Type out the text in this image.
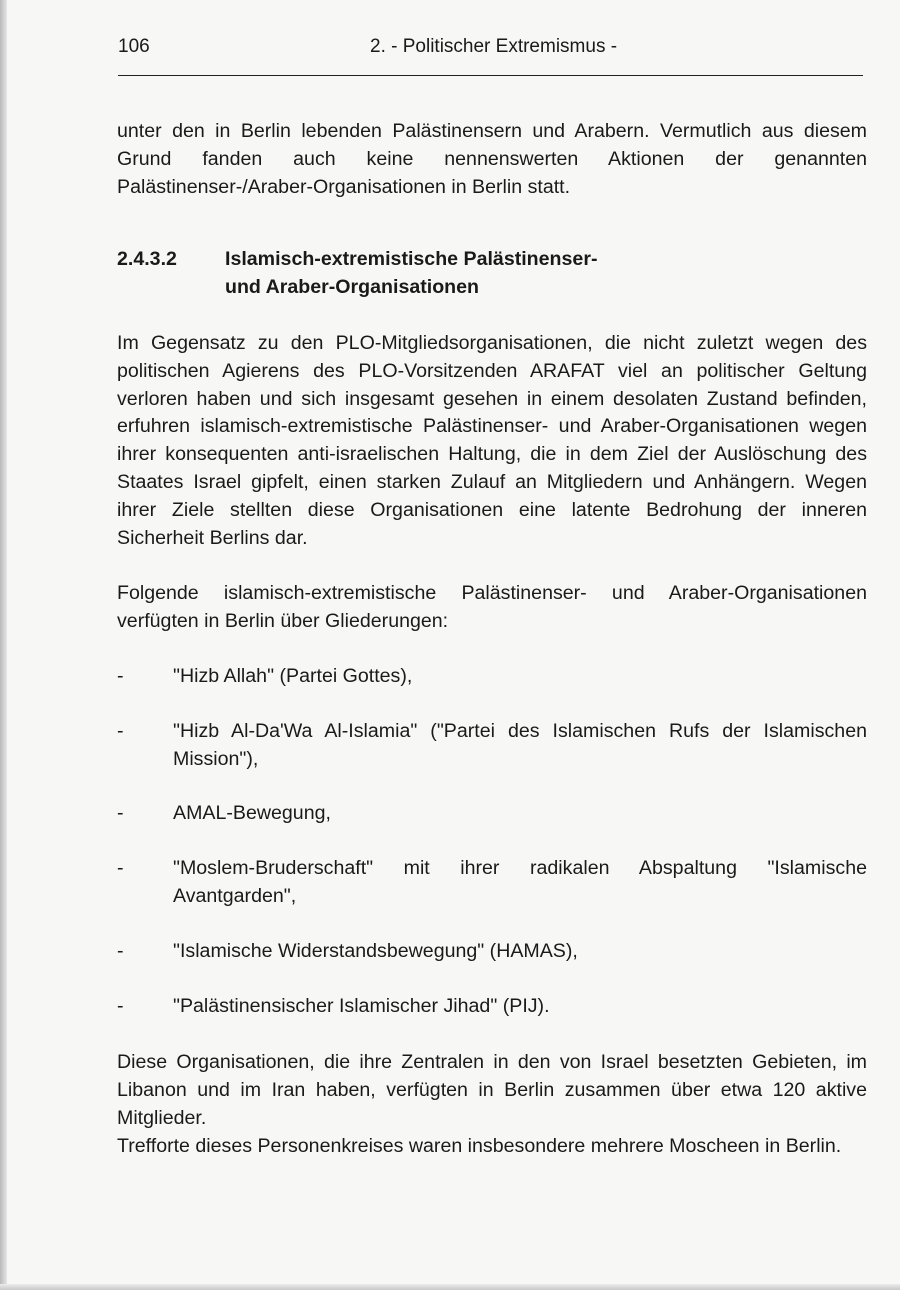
106	2. - Politischer Extremismus -

unter den in Berlin lebenden Palästinensern und Arabern. Vermutlich aus diesem Grund fanden auch keine nennenswerten Aktionen der genannten Palästinenser-/Araber-Organisationen in Berlin statt.

2.4.3.2	Islamisch-extremistische Palästinenser-
und Araber-Organisationen

Im Gegensatz zu den PLO-Mitgliedsorganisationen, die nicht zuletzt wegen des politischen Agierens des PLO-Vorsitzenden ARAFAT viel an politischer Geltung verloren haben und sich insgesamt gesehen in einem desolaten Zustand befinden, erfuhren islamisch-extremistische Palästinenser- und Araber-Organisationen wegen ihrer konsequenten anti-israelischen Haltung, die in dem Ziel der Auslöschung des Staates Israel gipfelt, einen starken Zulauf an Mitgliedern und Anhängern. Wegen ihrer Ziele stellten diese Organisationen eine latente Bedrohung der inneren Sicherheit Berlins dar.

Folgende islamisch-extremistische Palästinenser- und Araber-Organisationen verfügten in Berlin über Gliederungen:

-	"Hizb Allah" (Partei Gottes),
-	"Hizb Al-Da'Wa Al-Islamia" ("Partei des Islamischen Rufs der Islamischen Mission"),
-	AMAL-Bewegung,
-	"Moslem-Bruderschaft" mit ihrer radikalen Abspaltung "Islamische Avantgarden",
-	"Islamische Widerstandsbewegung" (HAMAS),
-	"Palästinensischer Islamischer Jihad" (PIJ).

Diese Organisationen, die ihre Zentralen in den von Israel besetzten Gebieten, im Libanon und im Iran haben, verfügten in Berlin zusammen über etwa 120 aktive Mitglieder.

Trefforte dieses Personenkreises waren insbesondere mehrere Moscheen in Berlin.
